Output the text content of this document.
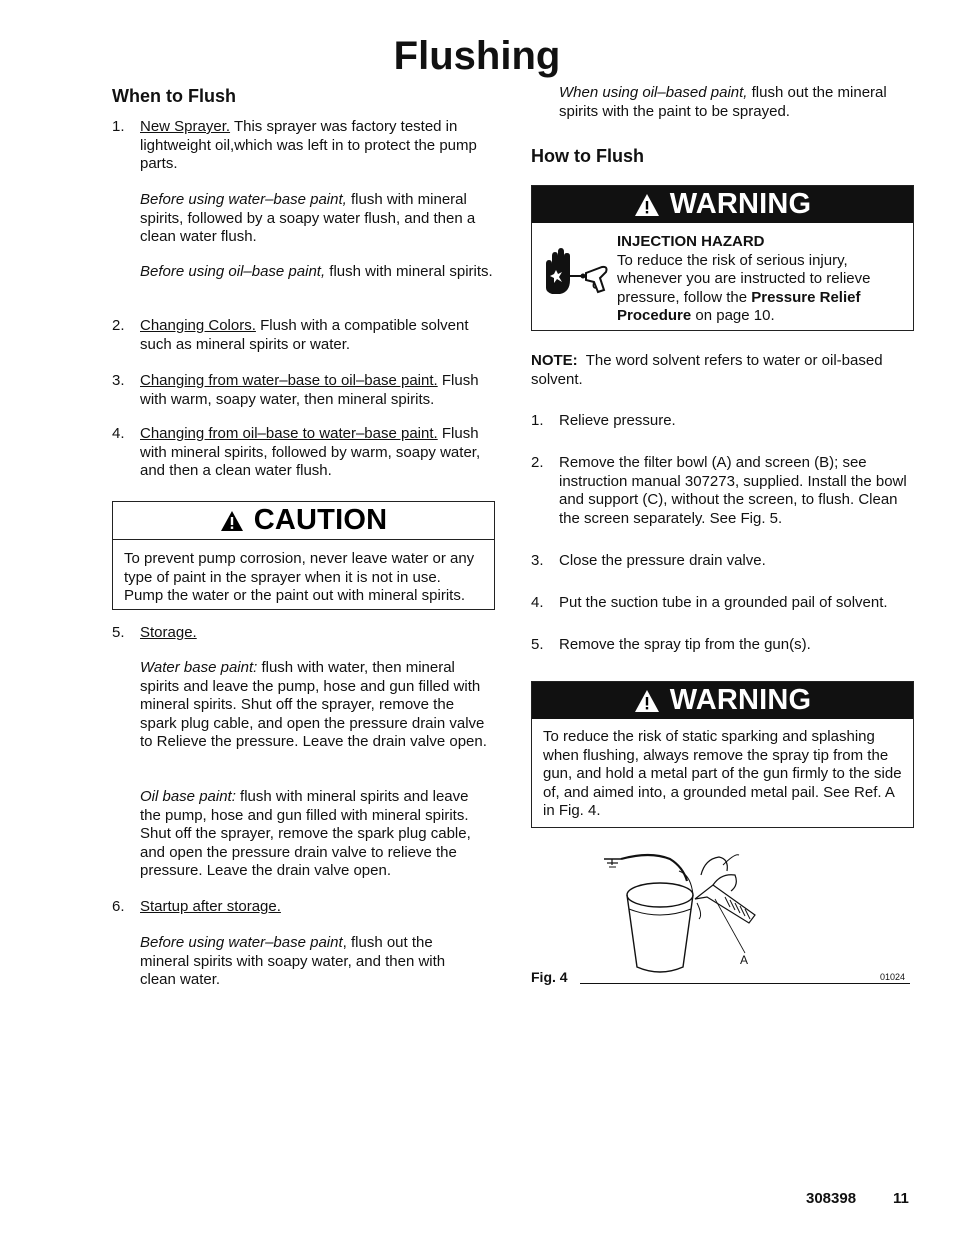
Flushing
When to Flush
1.	New Sprayer. This sprayer was factory tested in lightweight oil,which was left in to protect the pump parts.

Before using water–base paint, flush with mineral spirits, followed by a soapy water flush, and then a clean water flush.

Before using oil–base paint, flush with mineral spirits.

2.	Changing Colors. Flush with a compatible solvent such as mineral spirits or water.

3.	Changing from water–base to oil–base paint. Flush with warm, soapy water, then mineral spirits.

4.	Changing from oil–base to water–base paint. Flush with mineral spirits, followed by warm, soapy water, and then a clean water flush.

CAUTION
To prevent pump corrosion, never leave water or any type of paint in the sprayer when it is not in use. Pump the water or the paint out with mineral spirits.
5.	Storage.

Water base paint: flush with water, then mineral spirits and leave the pump, hose and gun filled with mineral spirits. Shut off the sprayer, remove the spark plug cable, and open the pressure drain valve to Relieve the pressure. Leave the drain valve open.

Oil base paint: flush with mineral spirits and leave the pump, hose and gun filled with mineral spirits. Shut off the sprayer, remove the spark plug cable, and open the pressure drain valve to relieve the pressure. Leave the drain valve open.

6.	Startup after storage.

Before using water–base paint, flush out the mineral spirits with soapy water, and then with clean water.

When using oil–based paint, flush out the mineral spirits with the paint to be sprayed.

How to Flush
WARNING
INJECTION HAZARD
To reduce the risk of serious injury, whenever you are instructed to relieve pressure, follow the Pressure Relief Procedure on page 10.

NOTE:  The word solvent refers to water or oil-based solvent.

1.	Relieve pressure.
2.	Remove the filter bowl (A) and screen (B); see instruction manual 307273, supplied. Install the bowl and support (C), without the screen, to flush. Clean the screen separately. See Fig. 5.
3.	Close the pressure drain valve.
4.	Put the suction tube in a grounded pail of solvent.
5.	Remove the spray tip from the gun(s).
WARNING
To reduce the risk of static sparking and splashing when flushing, always remove the spray tip from the gun, and hold a metal part of the gun firmly to the side of, and aimed into, a grounded metal pail. See Ref. A in Fig. 4.
A
Fig. 4	01024
308398 11
